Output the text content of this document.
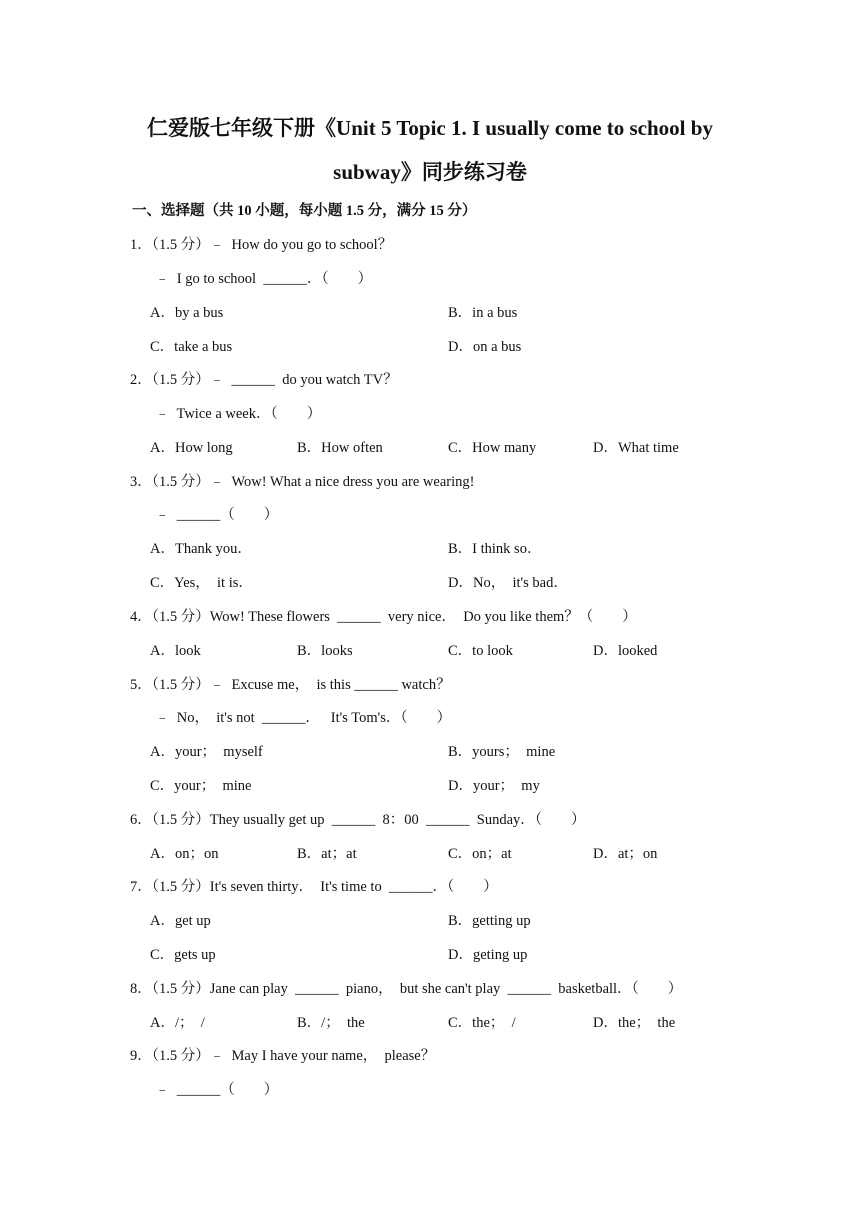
仁爱版七年级下册《Unit 5 Topic 1. I usually come to school by
subway》同步练习卷
一、选择题（共 10 小题，每小题 1.5 分，满分 15 分）
1．（1.5 分）﹣  How do you go to school？
﹣  I go to school  ______．（        ）
A．by a bus	B．in a bus
C．take a bus	D．on a bus
2．（1.5 分）﹣  ______  do you watch TV？
﹣  Twice a week．（        ）
A．How long	B．How often	C．How many	D．What time
3．（1.5 分）﹣  Wow! What a nice dress you are wearing!
﹣  ______（        ）
A．Thank you．	B．I think so．
C．Yes，  it is．	D．No，  it's bad．
4．（1.5 分）Wow! These flowers  ______  very nice．  Do you like them？（        ）
A．look	B．looks	C．to look	D．looked
5．（1.5 分）﹣  Excuse me，  is this ______ watch？
﹣  No，  it's not  ______．   It's Tom's．（        ）
A．your；  myself	B．yours；  mine
C．your；  mine	D．your；  my
6．（1.5 分）They usually get up  ______  8：00  ______  Sunday．（        ）
A．on；on	B．at；at	C．on；at	D．at；on
7．（1.5 分）It's seven thirty．  It's time to  ______．（        ）
A．get up	B．getting up
C．gets up	D．geting up
8．（1.5 分）Jane can play  ______  piano，  but she can't play  ______  basketball．（        ）
A．/；  /	B．/；  the	C．the；  /	D．the；  the
9．（1.5 分）﹣  May I have your name，  please？
﹣  ______（        ）
